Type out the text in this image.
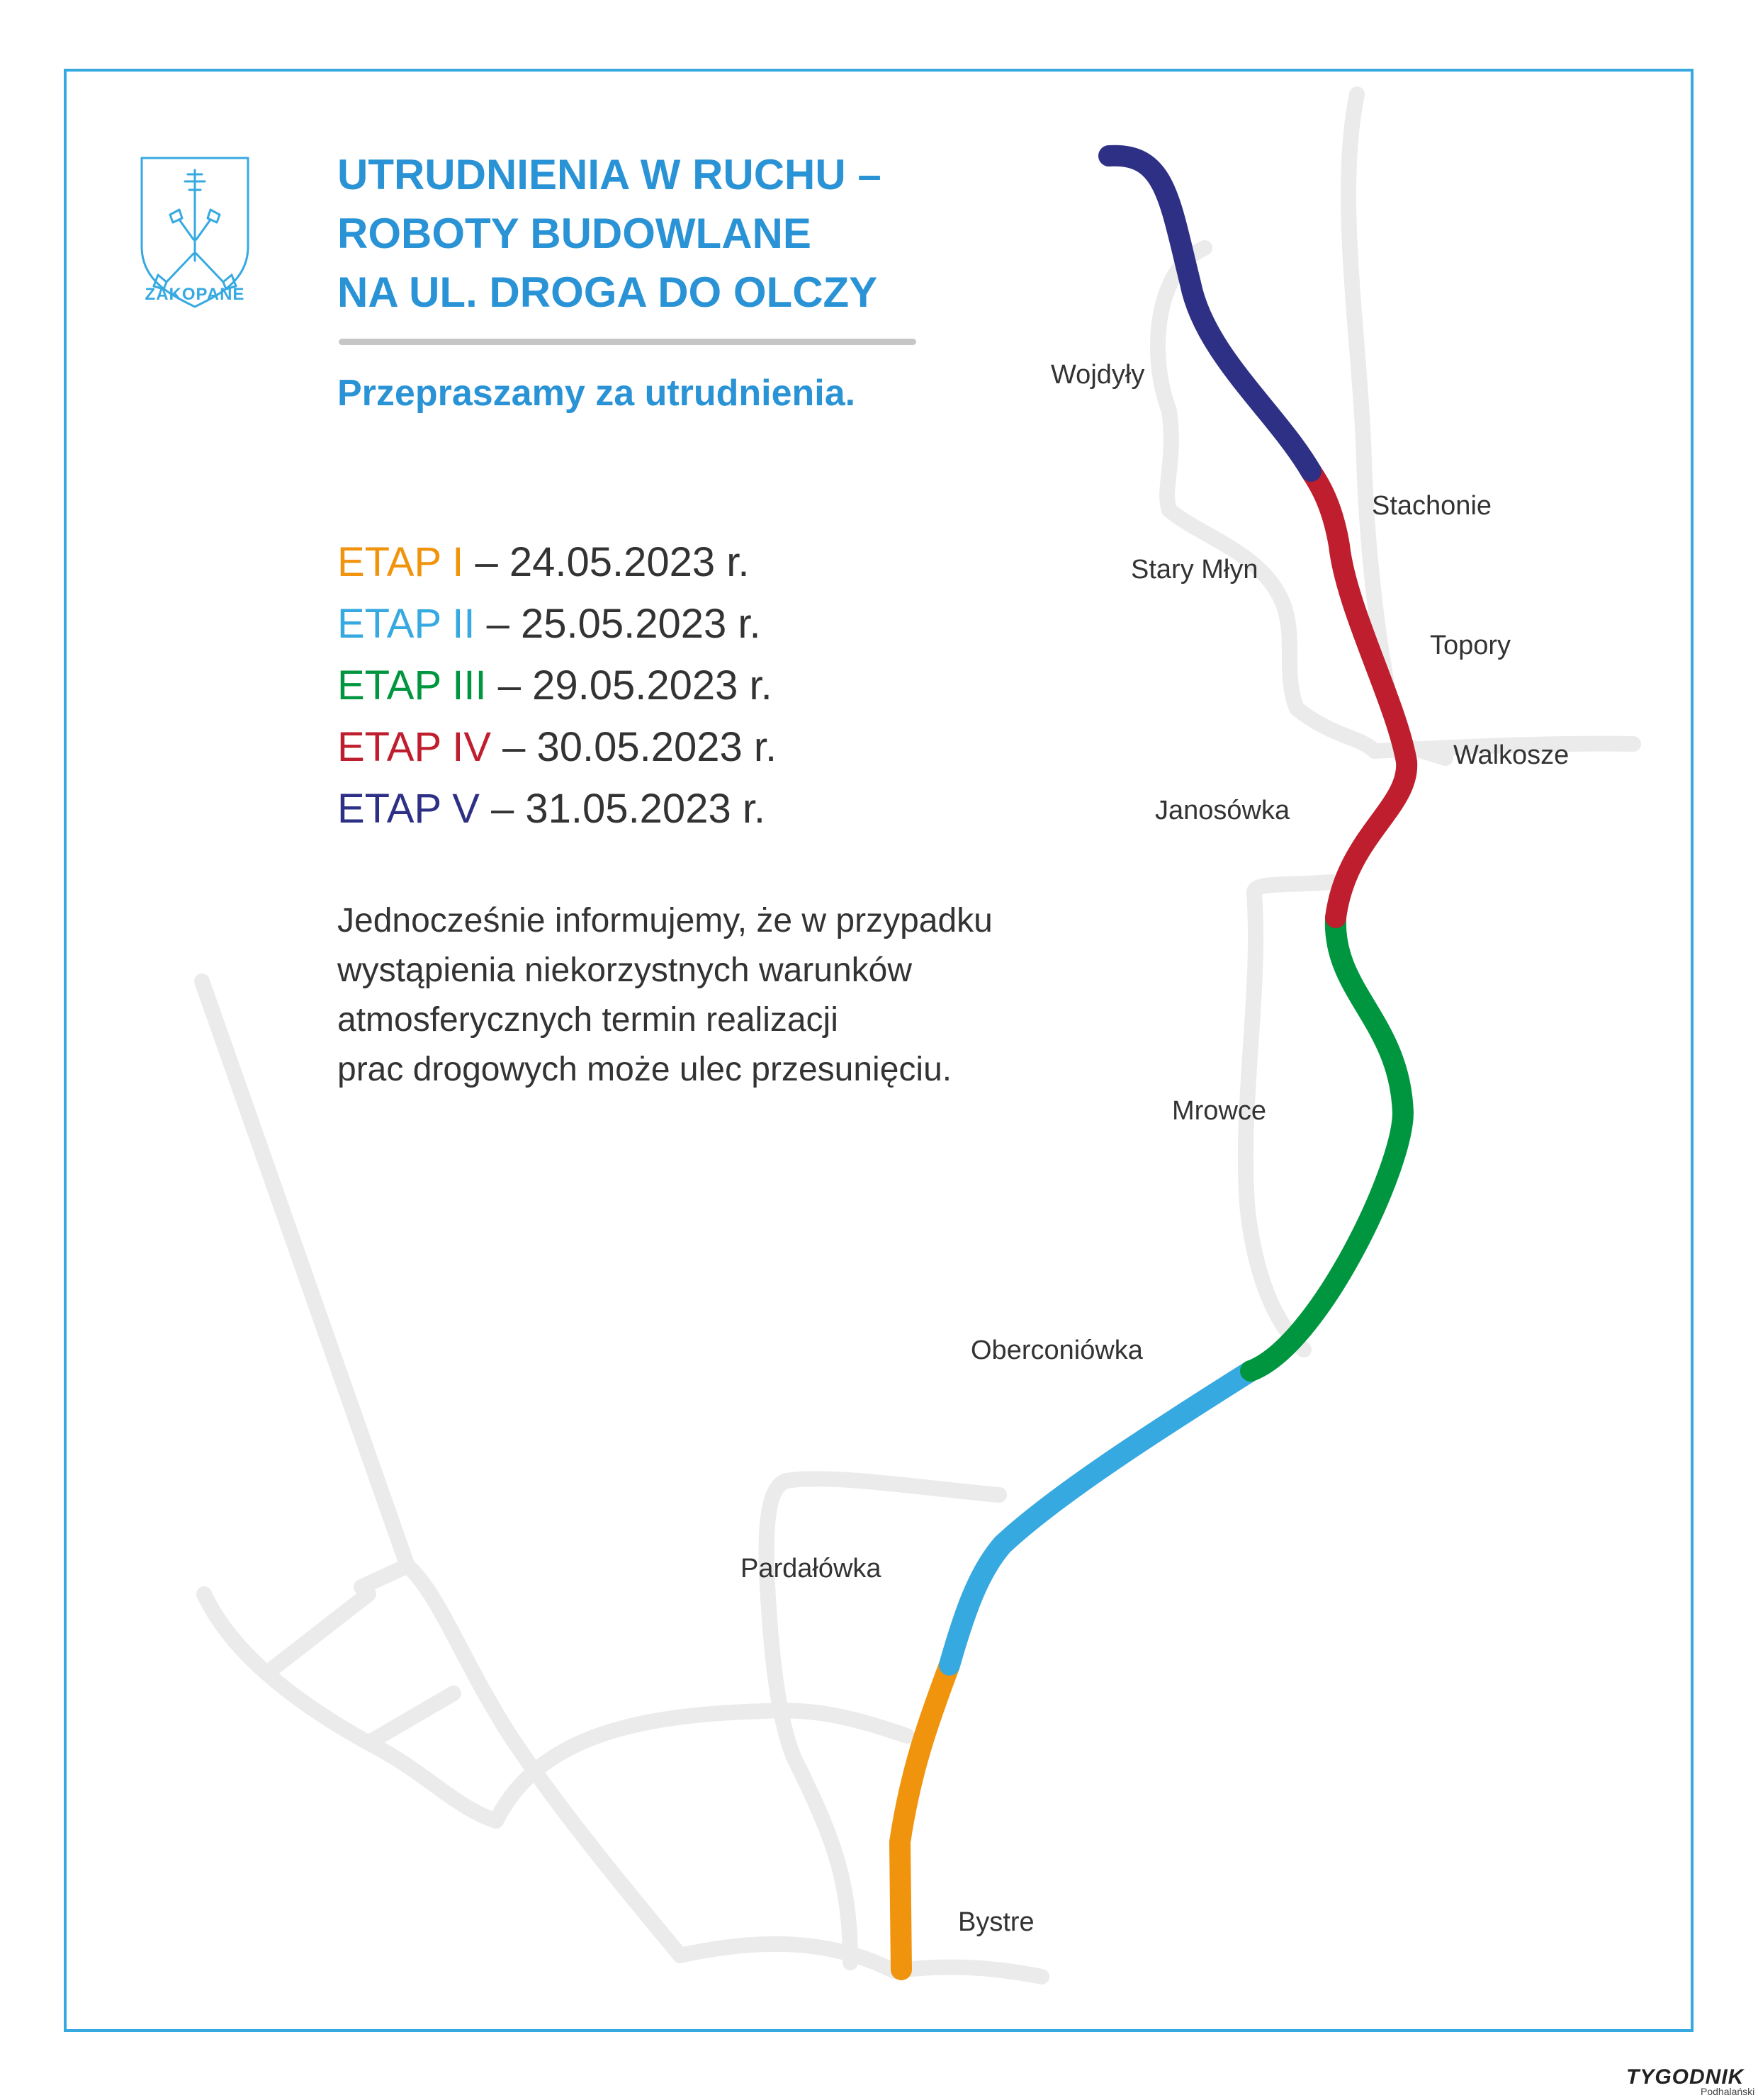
ZAKOPANE
UTRUDNIENIA W RUCHU –
ROBOTY BUDOWLANE
NA UL. DROGA DO OLCZY
Przepraszamy za utrudnienia.
ETAP I – 24.05.2023 r.
ETAP II – 25.05.2023 r.
ETAP III – 29.05.2023 r.
ETAP IV – 30.05.2023 r.
ETAP V – 31.05.2023 r.
Jednocześnie informujemy, że w przypadku
wystąpienia niekorzystnych warunków
atmosferycznych termin realizacji
prac drogowych może ulec przesunięciu.
Wojdyły
Stachonie
Stary Młyn
Topory
Walkosze
Janosówka
Mrowce
Oberconiówka
Pardałówka
Bystre
TYGODNIK
Podhalański
